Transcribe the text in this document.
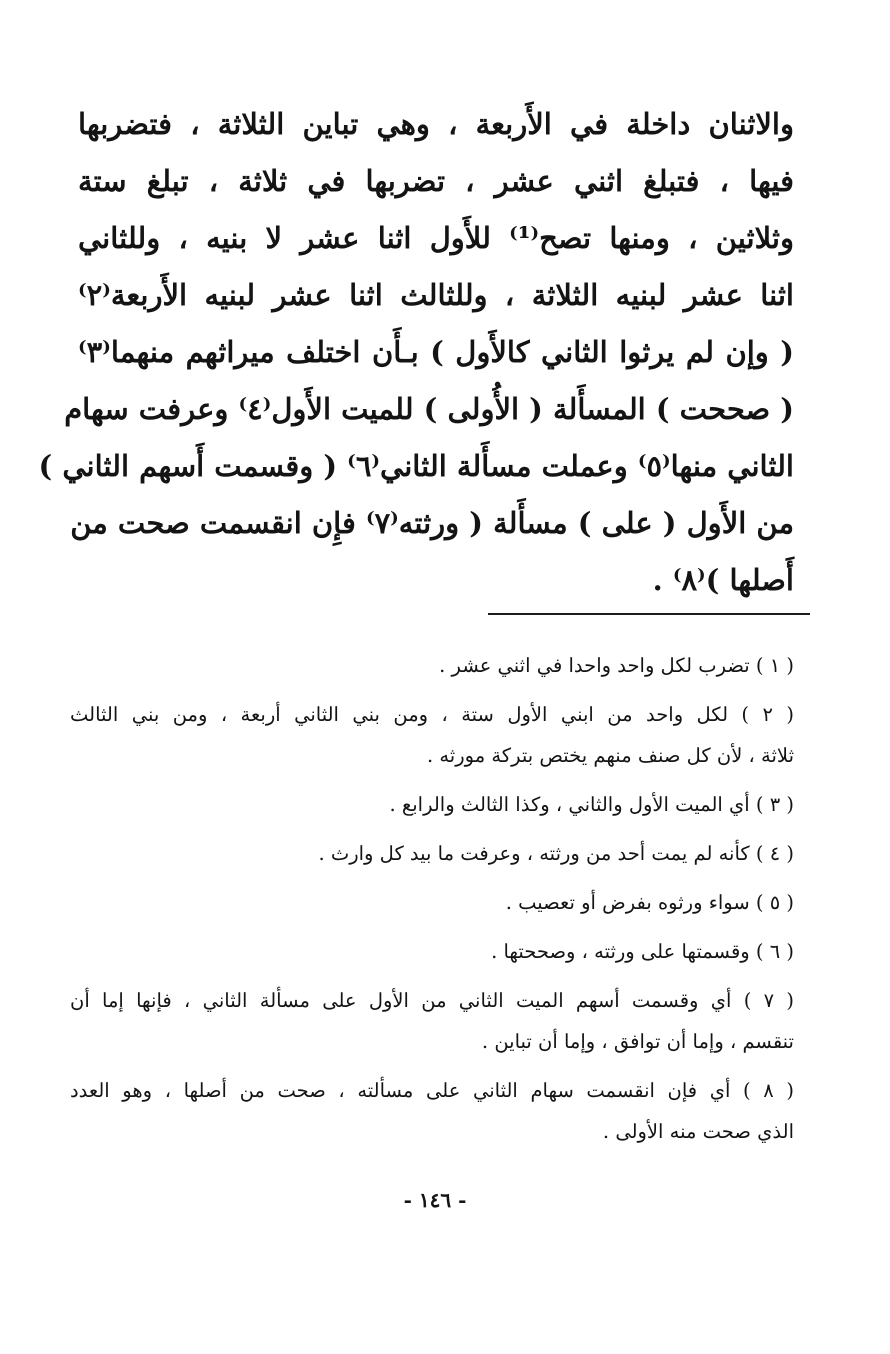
والاثنان داخلة في الأَربعة ، وهي تباين الثلاثة ، فتضربها
فيها ، فتبلغ اثني عشر ، تضربها في ثلاثة ، تبلغ ستة
وثلاثين ، ومنها تصح⁽¹⁾ للأَول اثنا عشر لا بنيه ، وللثاني
اثنا عشر لبنيه الثلاثة ، وللثالث اثنا عشر لبنيه الأَربعة⁽٢⁾
( وإن لم يرثوا الثاني كالأَول ) بـأَن اختلف ميراثهم منهما⁽٣⁾
( صححت ) المسأَلة ( الأُولى ) للميت الأَول⁽٤⁾ وعرفت سهام
الثاني منها⁽٥⁾ وعملت مسأَلة الثاني⁽٦⁾ ( وقسمت أَسهم الثاني )
من الأَول ( على ) مسأَلة ( ورثته⁽٧⁾ فإِن انقسمت صحت من
أَصلها )⁽٨⁾ .
( ١ ) تضرب لكل واحد واحدا في اثني عشر .
( ٢ ) لكل واحد من ابني الأول ستة ، ومن بني الثاني أربعة ، ومن بني الثالث
ثلاثة ، لأن كل صنف منهم يختص بتركة مورثه .
( ٣ ) أي الميت الأول والثاني ، وكذا الثالث والرابع .
( ٤ ) كأنه لم يمت أحد من ورثته ، وعرفت ما بيد كل وارث .
( ٥ ) سواء ورثوه بفرض أو تعصيب .
( ٦ ) وقسمتها على ورثته ، وصححتها .
( ٧ ) أي وقسمت أسهم الميت الثاني من الأول على مسألة الثاني ، فإنها إما أن
تنقسم ، وإما أن توافق ، وإما أن تباين .
( ٨ ) أي فإن انقسمت سهام الثاني على مسألته ، صحت من أصلها ، وهو العدد
الذي صحت منه الأولى .
- ١٤٦ -
